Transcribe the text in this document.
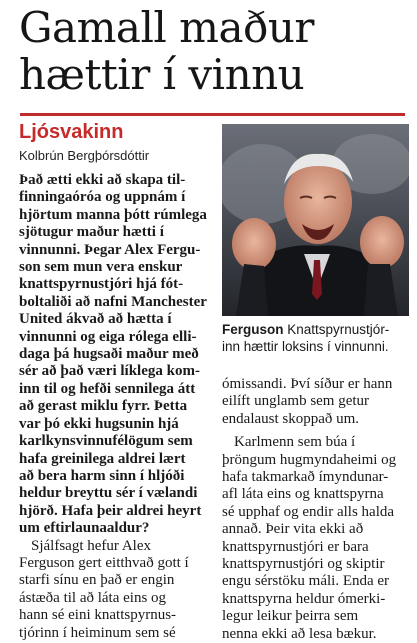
Gamall maður
hættir í vinnu
Ljósvakinn
Kolbrún Bergþórsdóttir

Það ætti ekki að skapa til-

finningaóróa og uppnám í

hjörtum manna þótt rúmlega

sjötugur maður hætti í

vinnunni. Þegar Alex Fergu-

son sem mun vera enskur

knattspyrnustjóri hjá fót-

boltaliði að nafni Manchester

United ákvað að hætta í

vinnunni og eiga rólega elli-

daga þá hugsaði maður með

sér að það væri líklega kom-

inn til og hefði sennilega átt

að gerast miklu fyrr. Þetta

var þó ekki hugsunin hjá

karlkynsvinnufélögum sem

hafa greinilega aldrei lært

að bera harm sinn í hljóði

heldur breyttu sér í vælandi

hjörð. Hafa þeir aldrei heyrt

um eftirlaunaaldur?

Sjálfsagt hefur Alex

Ferguson gert eitthvað gott í

starfi sínu en það er engin

ástæða til að láta eins og

hann sé eini knattspyrnus-

tjórinn í heiminum sem sé

Ferguson Knattspyrnustjór-

inn hættir loksins í vinnunni.

ómissandi. Því síður er hann

eilíft unglamb sem getur

endalaust skoppað um.

Karlmenn sem búa í

þröngum hugmyndaheimi og

hafa takmarkað ímyndunar-

afl láta eins og knattspyrna

sé upphaf og endir alls halda

annað. Þeir vita ekki að

knattspyrnustjóri er bara

knattspyrnustjóri og skiptir

engu sérstöku máli. Enda er

knattspyrna heldur ómerki-

legur leikur þeirra sem

nenna ekki að lesa bækur.
